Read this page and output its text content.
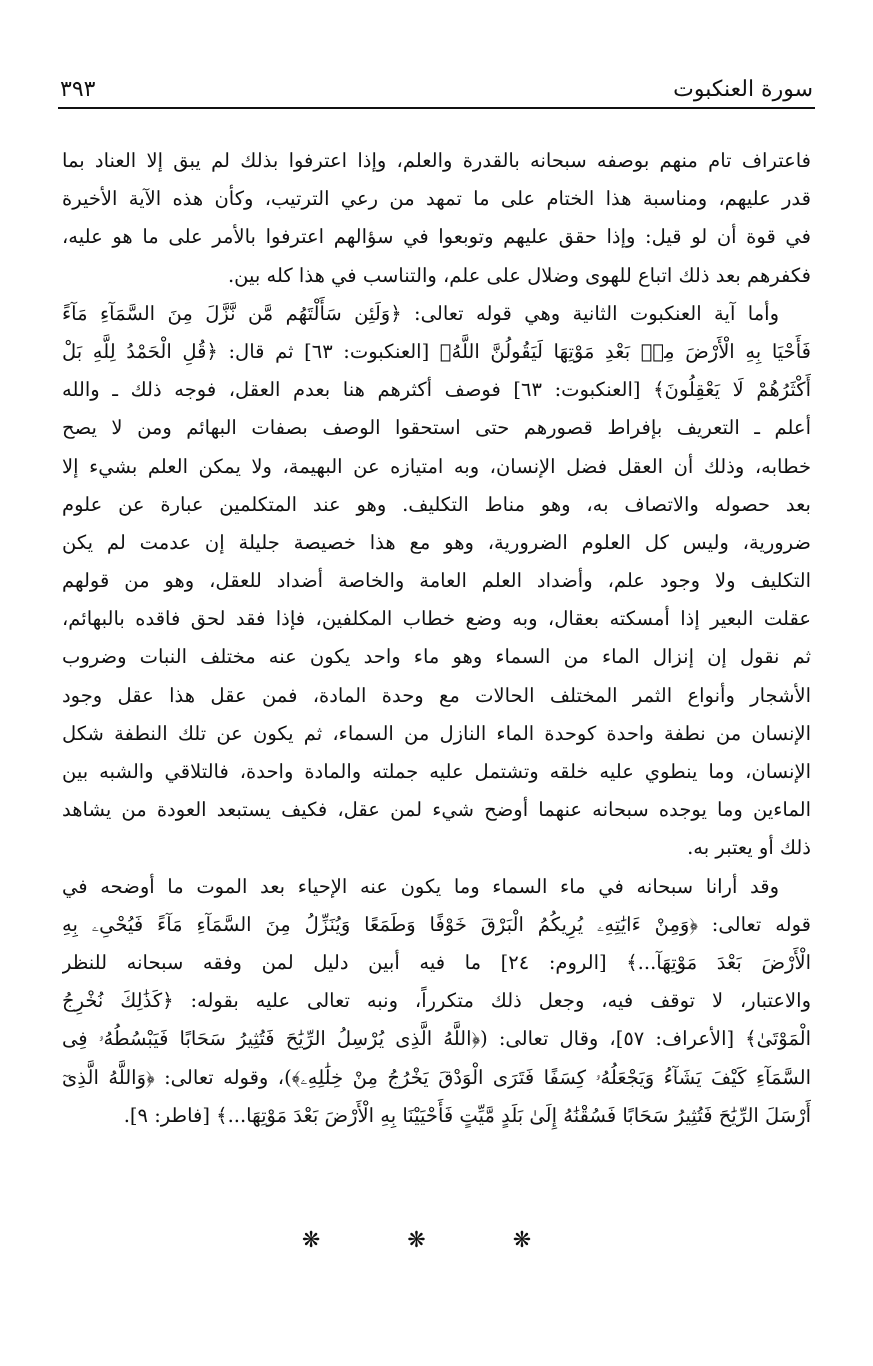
سورة العنكبوت
٣٩٣
فاعتراف تام منهم بوصفه سبحانه بالقدرة والعلم، وإذا اعترفوا بذلك لم يبق إلا العناد بما
قدر عليهم، ومناسبة هذا الختام على ما تمهد من رعي الترتيب، وكأن هذه الآية الأخيرة
في قوة أن لو قيل: وإذا حقق عليهم وتوبعوا في سؤالهم اعترفوا بالأمر على ما هو عليه،
فكفرهم بعد ذلك اتباع للهوى وضلال على علم، والتناسب في هذا كله بين.
وأما آية العنكبوت الثانية وهي قوله تعالى: ﴿وَلَئِن سَأَلْتَهُم مَّن نَّزَّلَ مِنَ السَّمَآءِ مَآءً
فَأَحْيَا بِهِ الْأَرْضَ مِنۢ بَعْدِ مَوْتِهَا لَيَقُولُنَّ اللَّهُ﴾ [العنكبوت: ٦٣] ثم قال: ﴿قُلِ الْحَمْدُ لِلَّهِ بَلْ
أَكْثَرُهُمْ لَا يَعْقِلُونَ﴾ [العنكبوت: ٦٣] فوصف أكثرهم هنا بعدم العقل، فوجه ذلك ـ والله
أعلم ـ التعريف بإفراط قصورهم حتى استحقوا الوصف بصفات البهائم ومن لا يصح
خطابه، وذلك أن العقل فضل الإنسان، وبه امتيازه عن البهيمة، ولا يمكن العلم بشيء إلا
بعد حصوله والاتصاف به، وهو مناط التكليف. وهو عند المتكلمين عبارة عن علوم
ضرورية، وليس كل العلوم الضرورية، وهو مع هذا خصيصة جليلة إن عدمت لم يكن
التكليف ولا وجود علم، وأضداد العلم العامة والخاصة أضداد للعقل، وهو من قولهم
عقلت البعير إذا أمسكته بعقال، وبه وضع خطاب المكلفين، فإذا فقد لحق فاقده بالبهائم،
ثم نقول إن إنزال الماء من السماء وهو ماء واحد يكون عنه مختلف النبات وضروب
الأشجار وأنواع الثمر المختلف الحالات مع وحدة المادة، فمن عقل هذا عقل وجود
الإنسان من نطفة واحدة كوحدة الماء النازل من السماء، ثم يكون عن تلك النطفة شكل
الإنسان، وما ينطوي عليه خلقه وتشتمل عليه جملته والمادة واحدة، فالتلاقي والشبه بين
الماءين وما يوجده سبحانه عنهما أوضح شيء لمن عقل، فكيف يستبعد العودة من يشاهد
ذلك أو يعتبر به.
وقد أرانا سبحانه في ماء السماء وما يكون عنه الإحياء بعد الموت ما أوضحه في
قوله تعالى: ﴿وَمِنْ ءَايَٰتِهِۦ يُرِيكُمُ الْبَرْقَ خَوْفًا وَطَمَعًا وَيُنَزِّلُ مِنَ السَّمَآءِ مَآءً فَيُحْىِۦ بِهِ
الْأَرْضَ بَعْدَ مَوْتِهَآ...﴾ [الروم: ٢٤] ما فيه أبين دليل لمن وفقه سبحانه للنظر
والاعتبار، لا توقف فيه، وجعل ذلك متكرراً، ونبه تعالى عليه بقوله: ﴿كَذَٰلِكَ نُخْرِجُ
الْمَوْتَىٰ﴾ [الأعراف: ٥٧]، وقال تعالى: (﴿اللَّهُ الَّذِى يُرْسِلُ الرِّيَٰحَ فَتُثِيرُ سَحَابًا فَيَبْسُطُهُۥ فِى
السَّمَآءِ كَيْفَ يَشَآءُ وَيَجْعَلُهُۥ كِسَفًا فَتَرَى الْوَدْقَ يَخْرُجُ مِنْ خِلَٰلِهِۦ﴾)، وقوله تعالى: ﴿وَاللَّهُ الَّذِىٓ
أَرْسَلَ الرِّيَٰحَ فَتُثِيرُ سَحَابًا فَسُقْنَٰهُ إِلَىٰ بَلَدٍ مَّيِّتٍ فَأَحْيَيْنَا بِهِ الْأَرْضَ بَعْدَ مَوْتِهَا...﴾ [فاطر: ٩].
❋ ❋ ❋
